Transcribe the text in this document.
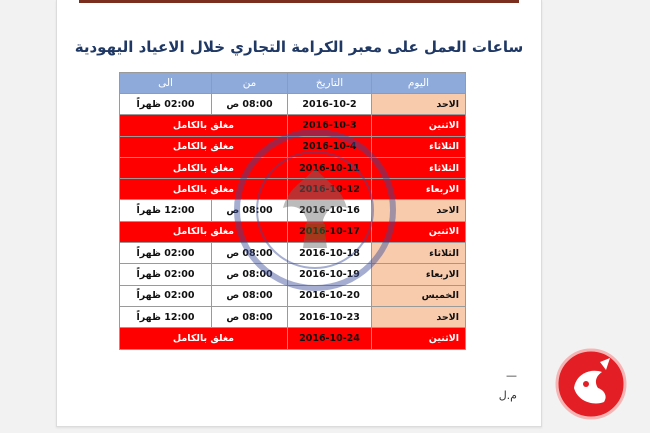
ساعات العمل على معبر الكرامة التجاري خلال الاعياد اليهودية
اليوم	التاريخ	من	الى
الاحد	2016-10-2	08:00 ص	02:00 ظهراً
الاثنين	2016-10-3	مغلق بالكامل	
الثلاثاء	2016-10-4	مغلق بالكامل	
الثلاثاء	2016-10-11	مغلق بالكامل	
الاربعاء	2016-10-12	مغلق بالكامل	
الاحد	2016-10-16	08:00 ص	12:00 ظهراً
الاثنين	2016-10-17	مغلق بالكامل	
الثلاثاء	2016-10-18	08:00 ص	02:00 ظهراً
الاربعاء	2016-10-19	08:00 ص	02:00 ظهراً
الخميس	2016-10-20	08:00 ص	02:00 ظهراً
الاحد	2016-10-23	08:00 ص	12:00 ظهراً
الاثنين	2016-10-24	مغلق بالكامل	
—
م.ل
